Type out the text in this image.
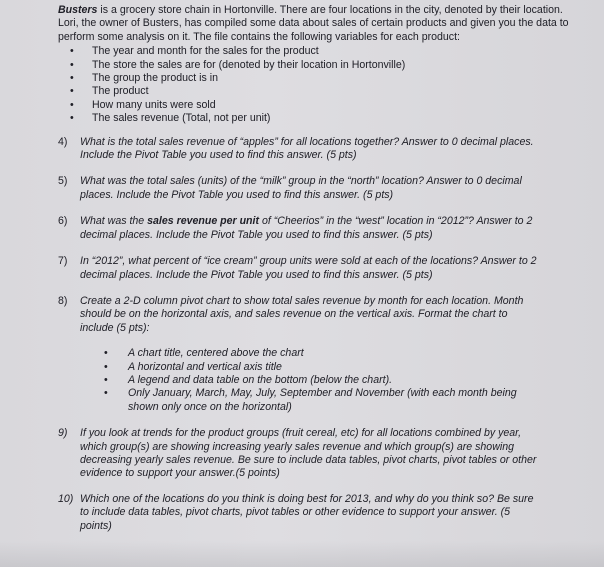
Busters is a grocery store chain in Hortonville. There are four locations in the city, denoted by their location. Lori, the owner of Busters, has compiled some data about sales of certain products and given you the data to perform some analysis on it. The file contains the following variables for each product:

• The year and month for the sales for the product
• The store the sales are for (denoted by their location in Hortonville)
• The group the product is in
• The product
• How many units were sold
• The sales revenue (Total, not per unit)
4)	What is the total sales revenue of “apples” for all locations together? Answer to 0 decimal places. Include the Pivot Table you used to find this answer. (5 pts)
5)	What was the total sales (units) of the “milk” group in the “north” location? Answer to 0 decimal places. Include the Pivot Table you used to find this answer. (5 pts)
6)	What was the sales revenue per unit of “Cheerios” in the “west” location in “2012”? Answer to 2 decimal places. Include the Pivot Table you used to find this answer. (5 pts)
7)	In “2012”, what percent of “ice cream” group units were sold at each of the locations? Answer to 2 decimal places. Include the Pivot Table you used to find this answer. (5 pts)
8)	Create a 2-D column pivot chart to show total sales revenue by month for each location. Month should be on the horizontal axis, and sales revenue on the vertical axis. Format the chart to include (5 pts):
• A chart title, centered above the chart
• A horizontal and vertical axis title
• A legend and data table on the bottom (below the chart).
• Only January, March, May, July, September and November (with each month being shown only once on the horizontal)
9)	If you look at trends for the product groups (fruit cereal, etc) for all locations combined by year, which group(s) are showing increasing yearly sales revenue and which group(s) are showing decreasing yearly sales revenue. Be sure to include data tables, pivot charts, pivot tables or other evidence to support your answer.(5 points)
10) Which one of the locations do you think is doing best for 2013, and why do you think so? Be sure to include data tables, pivot charts, pivot tables or other evidence to support your answer. (5 points)
